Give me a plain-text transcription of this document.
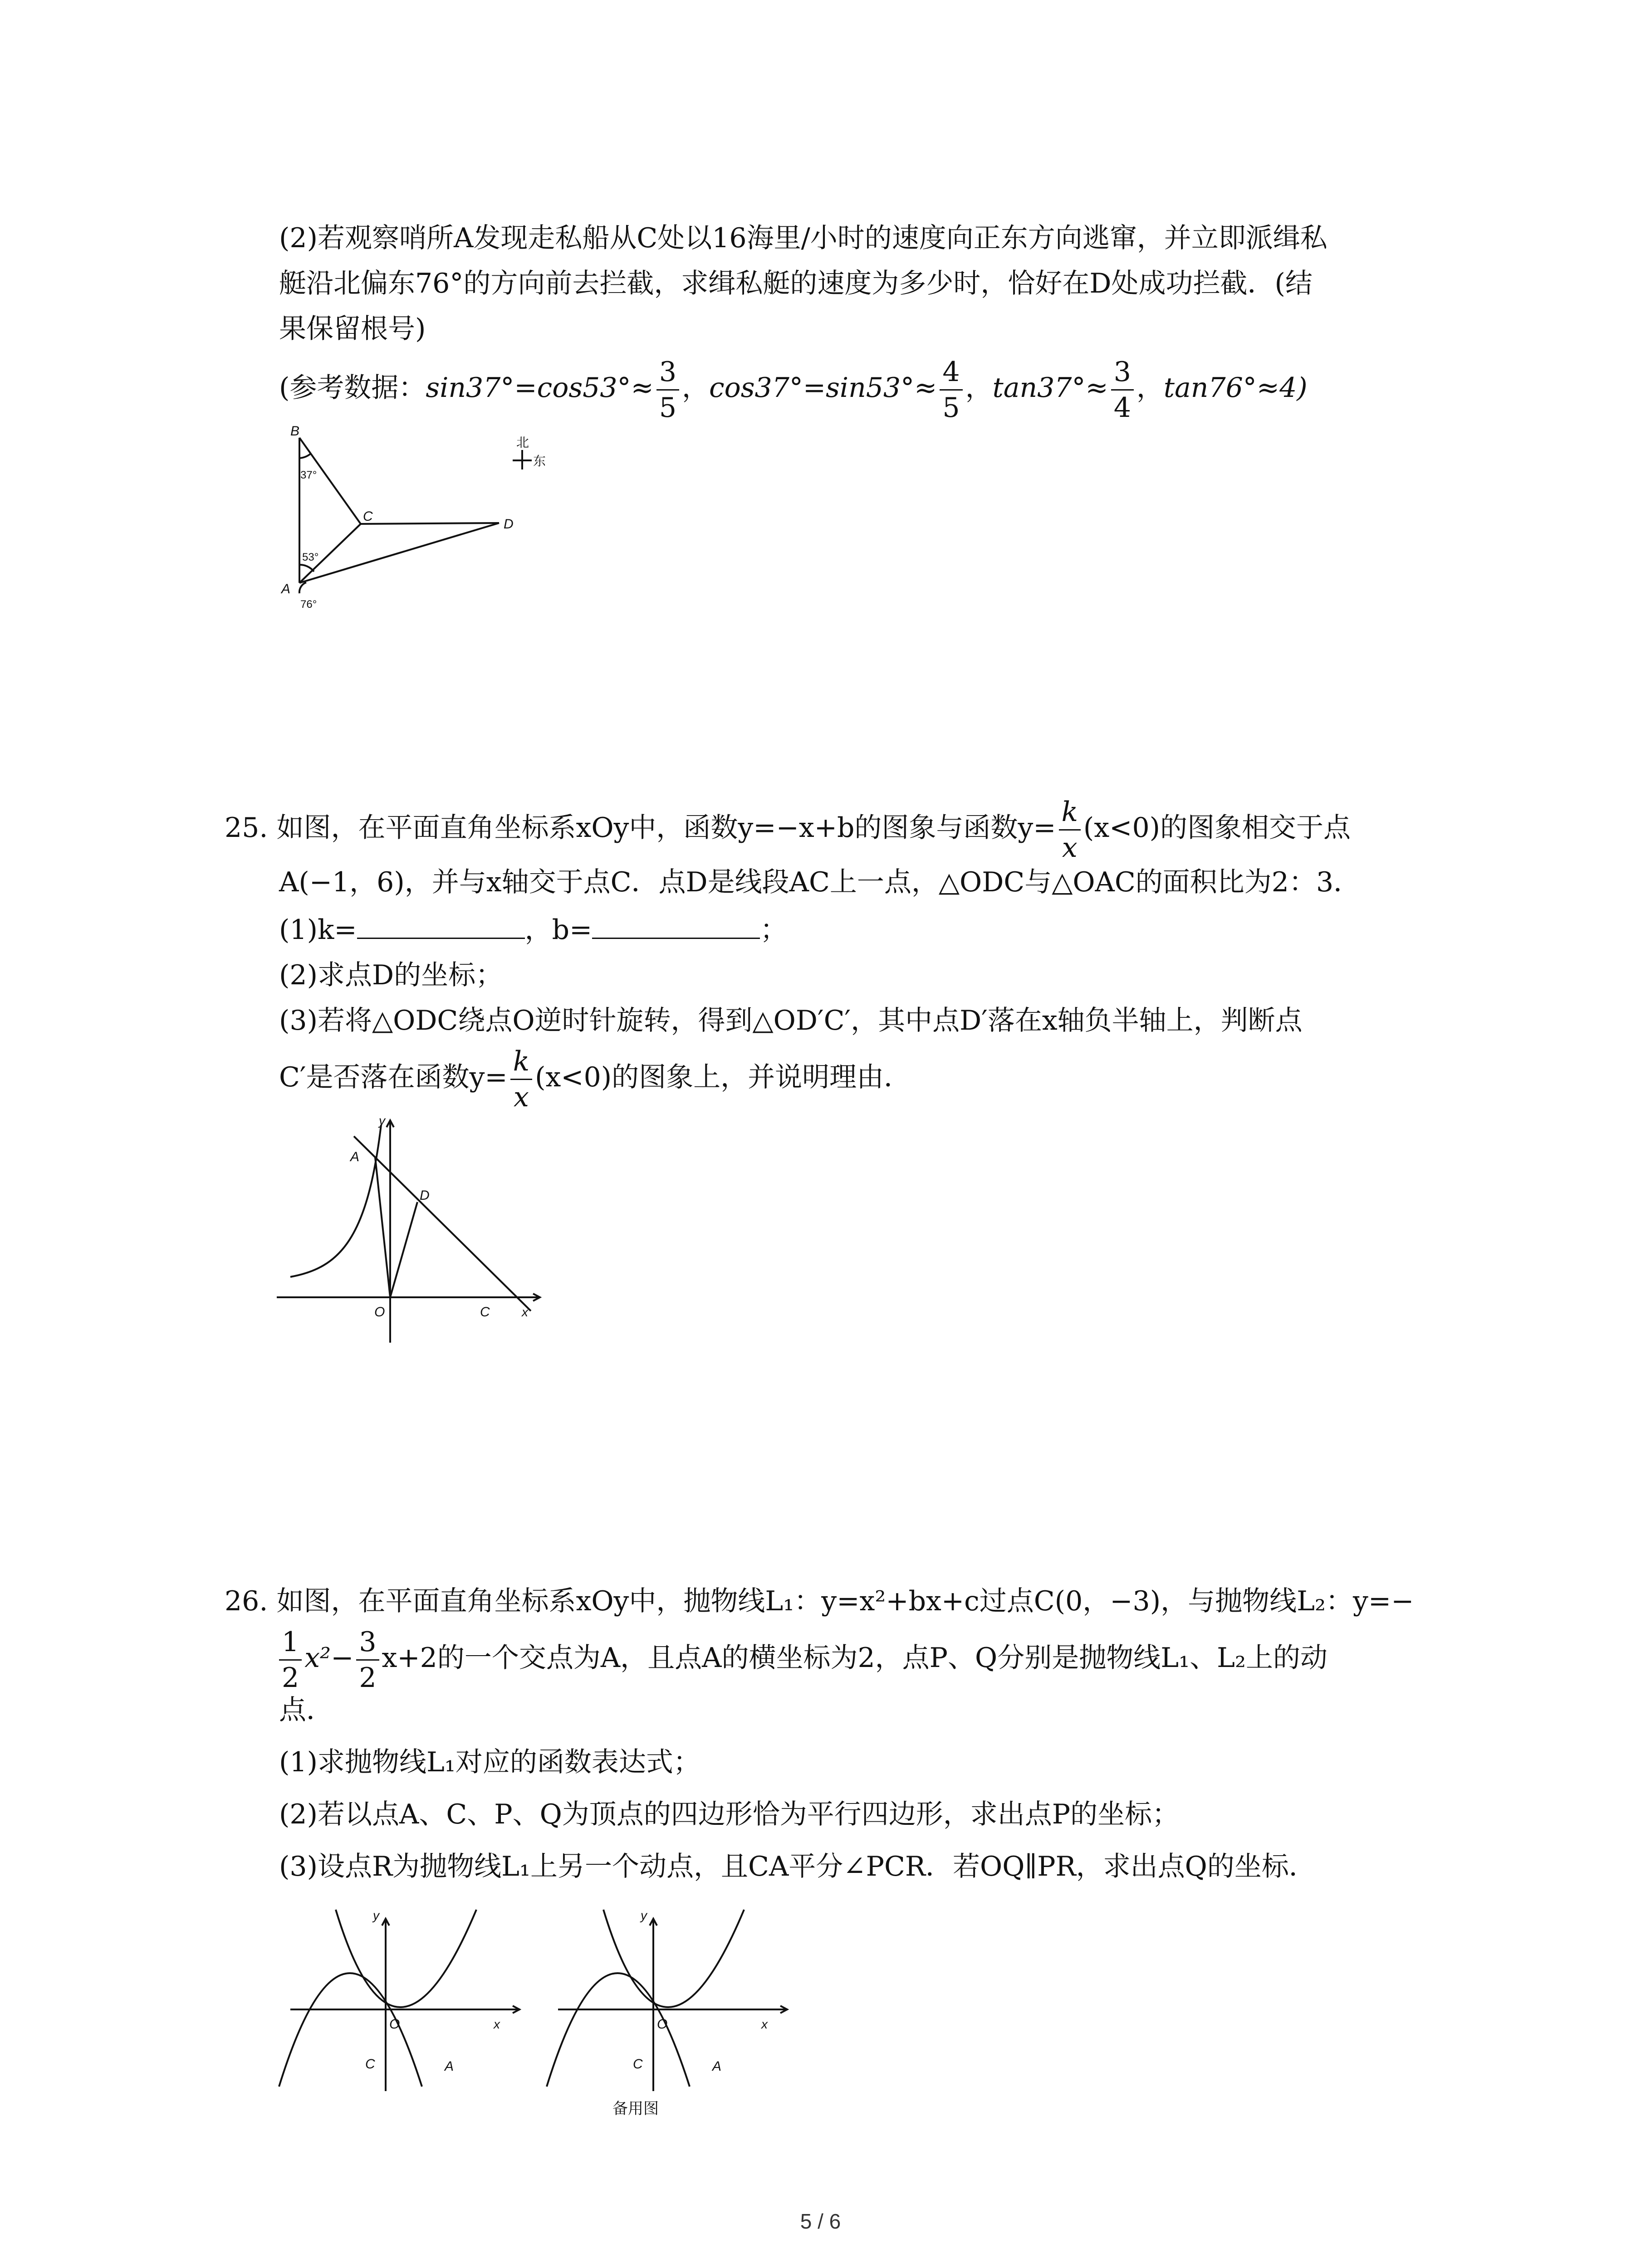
(2)若观察哨所A发现走私船从C处以16海里/小时的速度向正东方向逃窜，并立即派缉私
艇沿北偏东76°的方向前去拦截，求缉私艇的速度为多少时，恰好在D处成功拦截．(结
果保留根号)
(参考数据：$\sin 37^\circ=\cos 53^\circ\approx \frac{3}{5}$ ，$\cos 37^\circ=\sin 53^\circ\approx \frac{4}{5}$ ，$\tan 37^\circ\approx \frac{3}{4}$ ，tan76°≈4)
B
C
D
A
37°
53°
76°
北
东
25. 如图，在平面直角坐标系xOy中，函数y=−x+b的图象与函数$y= \frac{k}{x} (x<0)$的图象相交于点
A(−1，6)，并与x轴交于点C．点D是线段AC上一点，△ODC与△OAC的面积比为2：3．
(1)k=	，b=	；
(2)求点D的坐标；
(3)若将△ODC绕点O逆时针旋转，得到△OD′C′，其中点D′落在x轴负半轴上，判断点
C′是否落在函数$y= \frac{k}{x} (x<0)$的图象上，并说明理由．
y
A
D
O	C	x
26. 如图，在平面直角坐标系xOy中，抛物线L₁：y=x²+bx+c过点C(0，−3)，与抛物线L₂：y=−
$\frac{1}{2} x^2- \frac{3}{2} x+2$的一个交点为A，且点A的横坐标为2，点P、Q分别是抛物线L₁、L₂上的动
点．
(1)求抛物线L₁对应的函数表达式；
(2)若以点A、C、P、Q为顶点的四边形恰为平行四边形，求出点P的坐标；
(3)设点R为抛物线L₁上另一个动点，且CA平分∠PCR．若OQ∥PR，求出点Q的坐标．
y
O	x
C	A
y
O	x
C	A
备用图
5 / 6
